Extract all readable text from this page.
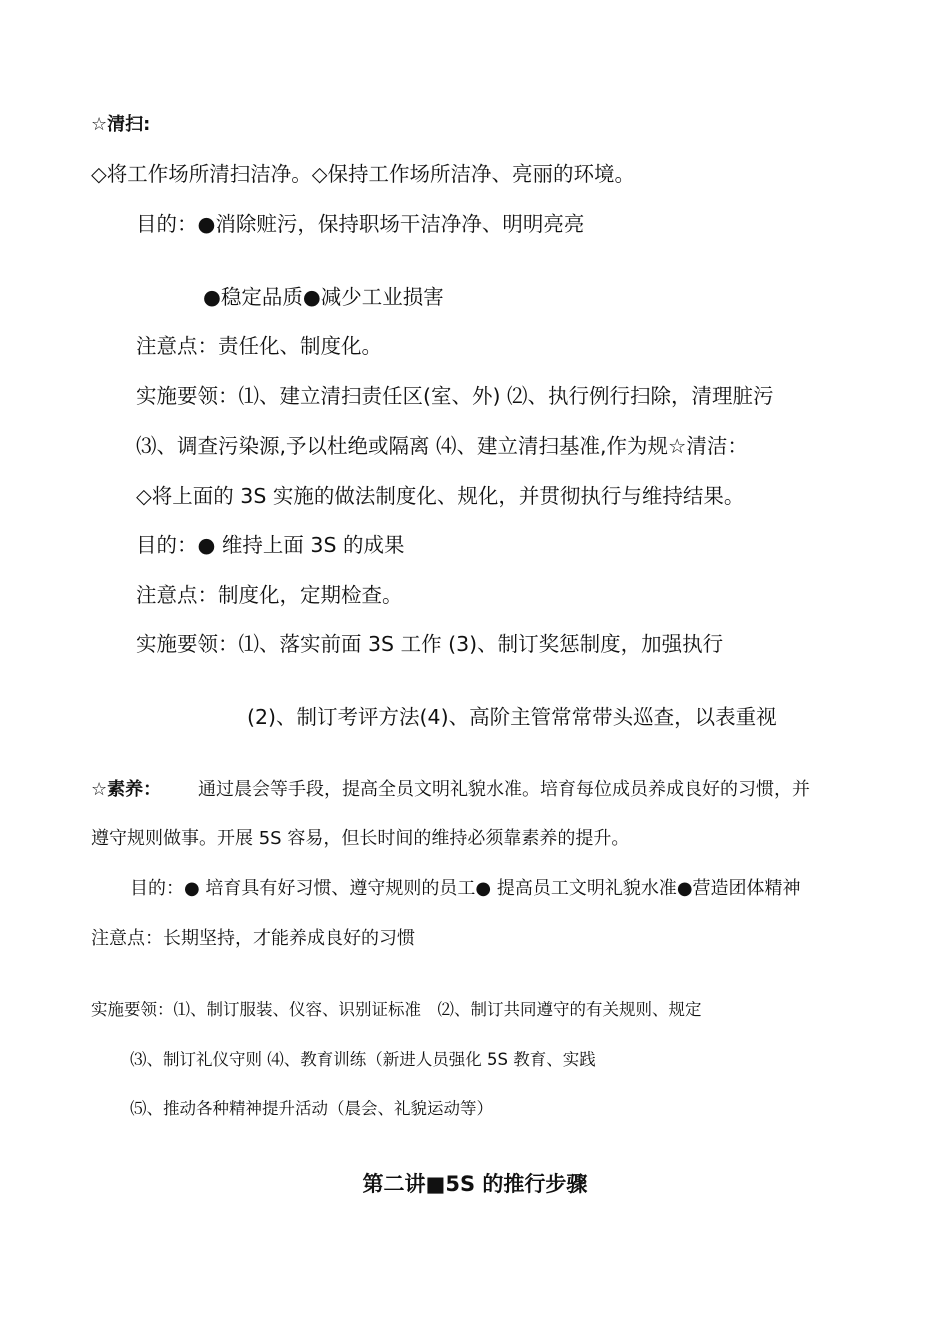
☆清扫:
◇将工作场所清扫洁净。◇保持工作场所洁净、亮丽的环境。
目的：●消除赃污，保持职场干洁净净、明明亮亮
●稳定品质●减少工业损害
注意点：责任化、制度化。
实施要领：⑴、建立清扫责任区(室、外) ⑵、执行例行扫除，清理脏污
⑶、调查污染源,予以杜绝或隔离 ⑷、建立清扫基准,作为规☆清洁：
◇将上面的 3S 实施的做法制度化、规化，并贯彻执行与维持结果。
目的：● 维持上面 3S 的成果
注意点：制度化，定期检查。
实施要领：⑴、落实前面 3S 工作 (3)、制订奖惩制度，加强执行
(2)、制订考评方法(4)、高阶主管常常带头巡查，以表重视
☆素养： 通过晨会等手段，提高全员文明礼貌水准。培育每位成员养成良好的习惯，并
遵守规则做事。开展 5S 容易，但长时间的维持必须靠素养的提升。
目的：● 培育具有好习惯、遵守规则的员工● 提高员工文明礼貌水准●营造团体精神
注意点：长期坚持，才能养成良好的习惯
实施要领：⑴、制订服装、仪容、识别证标准　⑵、制订共同遵守的有关规则、规定
⑶、制订礼仪守则 ⑷、教育训练（新进人员强化 5S 教育、实践
⑸、推动各种精神提升活动（晨会、礼貌运动等）
第二讲■5S 的推行步骤
